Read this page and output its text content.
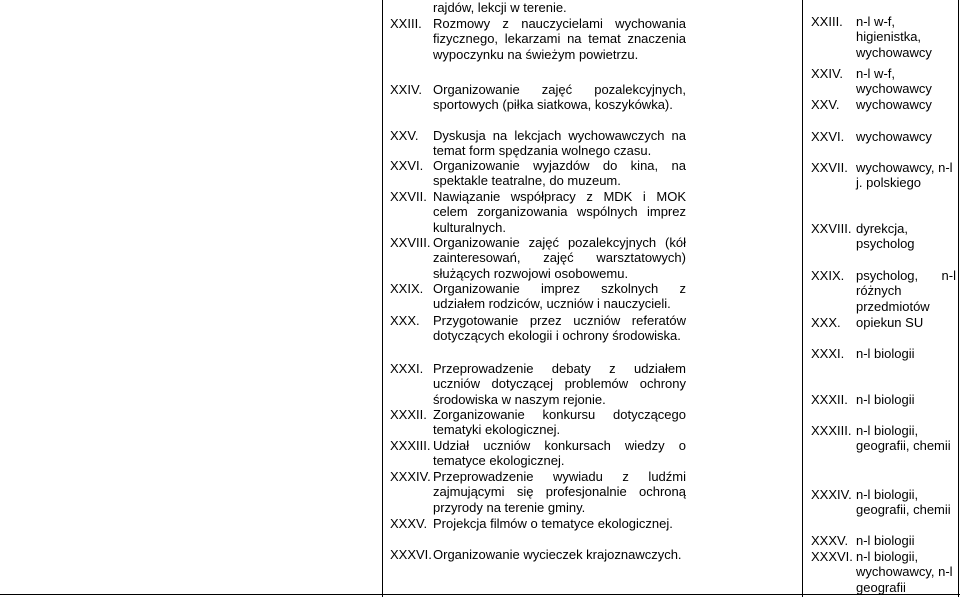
rajdów, lekcji w terenie.
XXIII. Rozmowy z nauczycielami wychowania fizycznego, lekarzami na temat znaczenia wypoczynku na świeżym powietrzu.
XXIV. Organizowanie zajęć pozalekcyjnych, sportowych (piłka siatkowa, koszykówka).
XXV. Dyskusja na lekcjach wychowawczych na temat form spędzania wolnego czasu.
XXVI. Organizowanie wyjazdów do kina, na spektakle teatralne, do muzeum.
XXVII. Nawiązanie współpracy z MDK i MOK celem zorganizowania wspólnych imprez kulturalnych.
XXVIII. Organizowanie zajęć pozalekcyjnych (kół zainteresowań, zajęć warsztatowych) służących rozwojowi osobowemu.
XXIX. Organizowanie imprez szkolnych z udziałem rodziców, uczniów i nauczycieli.
XXX. Przygotowanie przez uczniów referatów dotyczących ekologii i ochrony środowiska.
XXXI. Przeprowadzenie debaty z udziałem uczniów dotyczącej problemów ochrony środowiska w naszym rejonie.
XXXII. Zorganizowanie konkursu dotyczącego tematyki ekologicznej.
XXXIII. Udział uczniów konkursach wiedzy o tematyce ekologicznej.
XXXIV. Przeprowadzenie wywiadu z ludźmi zajmującymi się profesjonalnie ochroną przyrody na terenie gminy.
XXXV. Projekcja filmów o tematyce ekologicznej.
XXXVI. Organizowanie wycieczek krajoznawczych.
XXIII. n-l w-f, higienistka, wychowawcy
XXIV. n-l w-f, wychowawcy
XXV. wychowawcy
XXVI. wychowawcy
XXVII. wychowawcy, n-l j. polskiego
XXVIII. dyrekcja, psycholog
XXIX. psycholog, n-l różnych przedmiotów
XXX. opiekun SU
XXXI. n-l biologii
XXXII. n-l biologii
XXXIII. n-l biologii, geografii, chemii
XXXIV. n-l biologii, geografii, chemii
XXXV. n-l biologii
XXXVI. n-l biologii, wychowawcy, n-l geografii
